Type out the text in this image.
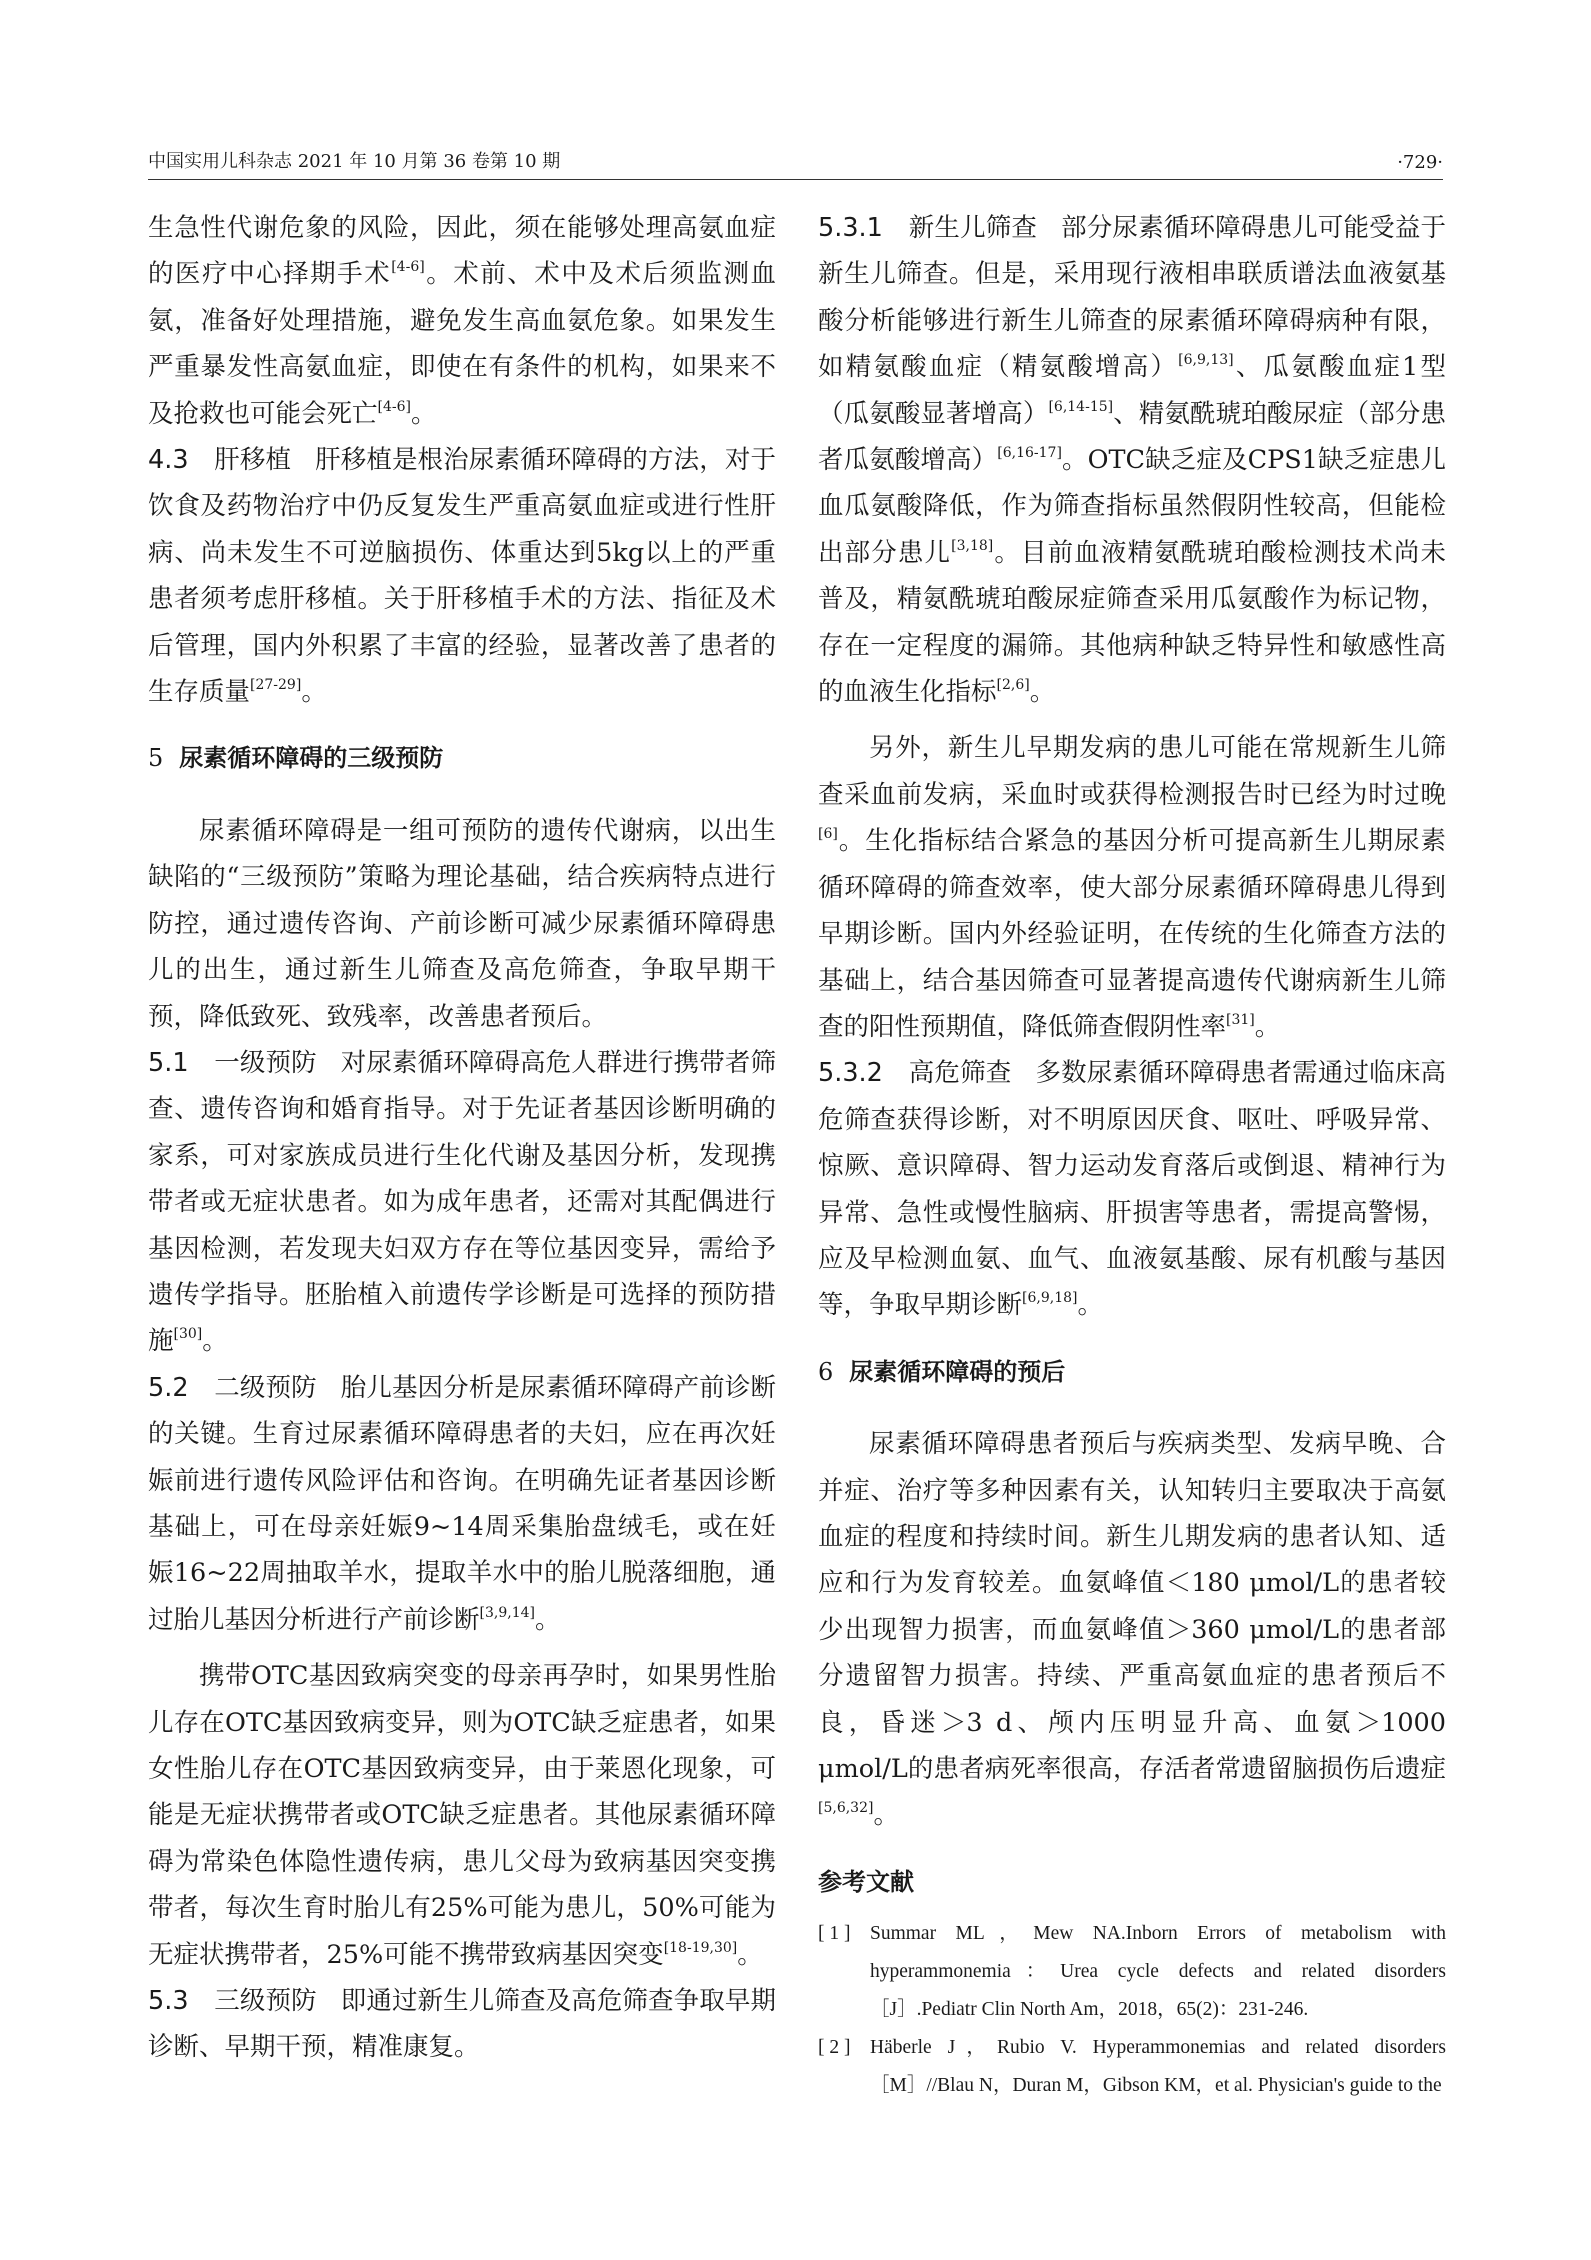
中国实用儿科杂志 2021 年 10 月第 36 卷第 10 期	·729·

生急性代谢危象的风险，因此，须在能够处理高氨血症的医疗中心择期手术[4-6]。术前、术中及术后须监测血氨，准备好处理措施，避免发生高血氨危象。如果发生严重暴发性高氨血症，即使在有条件的机构，如果来不及抢救也可能会死亡[4-6]。

4.3　肝移植 肝移植是根治尿素循环障碍的方法，对于饮食及药物治疗中仍反复发生严重高氨血症或进行性肝病、尚未发生不可逆脑损伤、体重达到5kg以上的严重患者须考虑肝移植。关于肝移植手术的方法、指征及术后管理，国内外积累了丰富的经验，显著改善了患者的生存质量[27-29]。

5 尿素循环障碍的三级预防

尿素循环障碍是一组可预防的遗传代谢病，以出生缺陷的“三级预防”策略为理论基础，结合疾病特点进行防控，通过遗传咨询、产前诊断可减少尿素循环障碍患儿的出生，通过新生儿筛查及高危筛查，争取早期干预，降低致死、致残率，改善患者预后。

5.1　一级预防 对尿素循环障碍高危人群进行携带者筛查、遗传咨询和婚育指导。对于先证者基因诊断明确的家系，可对家族成员进行生化代谢及基因分析，发现携带者或无症状患者。如为成年患者，还需对其配偶进行基因检测，若发现夫妇双方存在等位基因变异，需给予遗传学指导。胚胎植入前遗传学诊断是可选择的预防措施[30]。

5.2　二级预防 胎儿基因分析是尿素循环障碍产前诊断的关键。生育过尿素循环障碍患者的夫妇，应在再次妊娠前进行遗传风险评估和咨询。在明确先证者基因诊断基础上，可在母亲妊娠9~14周采集胎盘绒毛，或在妊娠16~22周抽取羊水，提取羊水中的胎儿脱落细胞，通过胎儿基因分析进行产前诊断[3,9,14]。

携带OTC基因致病突变的母亲再孕时，如果男性胎儿存在OTC基因致病变异，则为OTC缺乏症患者，如果女性胎儿存在OTC基因致病变异，由于莱恩化现象，可能是无症状携带者或OTC缺乏症患者。其他尿素循环障碍为常染色体隐性遗传病，患儿父母为致病基因突变携带者，每次生育时胎儿有25%可能为患儿，50%可能为无症状携带者，25%可能不携带致病基因突变[18-19,30]。

5.3　三级预防 即通过新生儿筛查及高危筛查争取早期诊断、早期干预，精准康复。

5.3.1　新生儿筛查 部分尿素循环障碍患儿可能受益于新生儿筛查。但是，采用现行液相串联质谱法血液氨基酸分析能够进行新生儿筛查的尿素循环障碍病种有限，如精氨酸血症（精氨酸增高）[6,9,13]、瓜氨酸血症1型（瓜氨酸显著增高）[6,14-15]、精氨酰琥珀酸尿症（部分患者瓜氨酸增高）[6,16-17]。OTC缺乏症及CPS1缺乏症患儿血瓜氨酸降低，作为筛查指标虽然假阴性较高，但能检出部分患儿[3,18]。目前血液精氨酰琥珀酸检测技术尚未普及，精氨酰琥珀酸尿症筛查采用瓜氨酸作为标记物，存在一定程度的漏筛。其他病种缺乏特异性和敏感性高的血液生化指标[2,6]。

另外，新生儿早期发病的患儿可能在常规新生儿筛查采血前发病，采血时或获得检测报告时已经为时过晚[6]。生化指标结合紧急的基因分析可提高新生儿期尿素循环障碍的筛查效率，使大部分尿素循环障碍患儿得到早期诊断。国内外经验证明，在传统的生化筛查方法的基础上，结合基因筛查可显著提高遗传代谢病新生儿筛查的阳性预期值，降低筛查假阴性率[31]。

5.3.2　高危筛查 多数尿素循环障碍患者需通过临床高危筛查获得诊断，对不明原因厌食、呕吐、呼吸异常、惊厥、意识障碍、智力运动发育落后或倒退、精神行为异常、急性或慢性脑病、肝损害等患者，需提高警惕，应及早检测血氨、血气、血液氨基酸、尿有机酸与基因等，争取早期诊断[6,9,18]。

6 尿素循环障碍的预后

尿素循环障碍患者预后与疾病类型、发病早晚、合并症、治疗等多种因素有关，认知转归主要取决于高氨血症的程度和持续时间。新生儿期发病的患者认知、适应和行为发育较差。血氨峰值＜180 μmol/L的患者较少出现智力损害，而血氨峰值＞360 μmol/L的患者部分遗留智力损害。持续、严重高氨血症的患者预后不良，昏迷＞3 d、颅内压明显升高、血氨＞1000 μmol/L的患者病死率很高，存活者常遗留脑损伤后遗症[5,6,32]。

参考文献

[ 1 ]	Summar ML，Mew NA.Inborn Errors of metabolism with hyperammonemia：Urea cycle defects and related disorders［J］.Pediatr Clin North Am，2018，65(2)：231-246.
[ 2 ]	Häberle J，Rubio V. Hyperammonemias and related disorders［M］//Blau N，Duran M，Gibson KM，et al. Physician's guide to the
